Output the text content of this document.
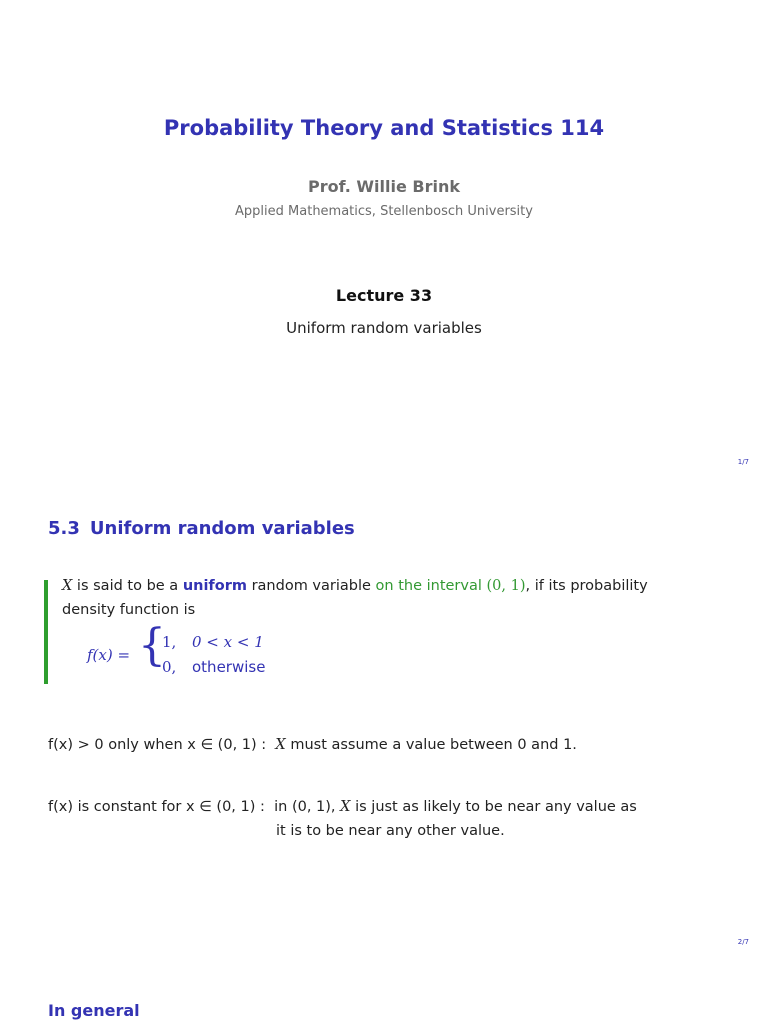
Probability Theory and Statistics 114
Prof. Willie Brink
Applied Mathematics, Stellenbosch University
Lecture 33
Uniform random variables
1/7
5.3 Uniform random variables
X is said to be a uniform random variable on the interval (0, 1), if its probability
density function is
f(x) = {
1, 0 < x < 1
0, otherwise
f(x) > 0 only when x ∈ (0, 1) : X must assume a value between 0 and 1.
f(x) is constant for x ∈ (0, 1) : in (0, 1), X is just as likely to be near any value as
it is to be near any other value.
2/7
In general
